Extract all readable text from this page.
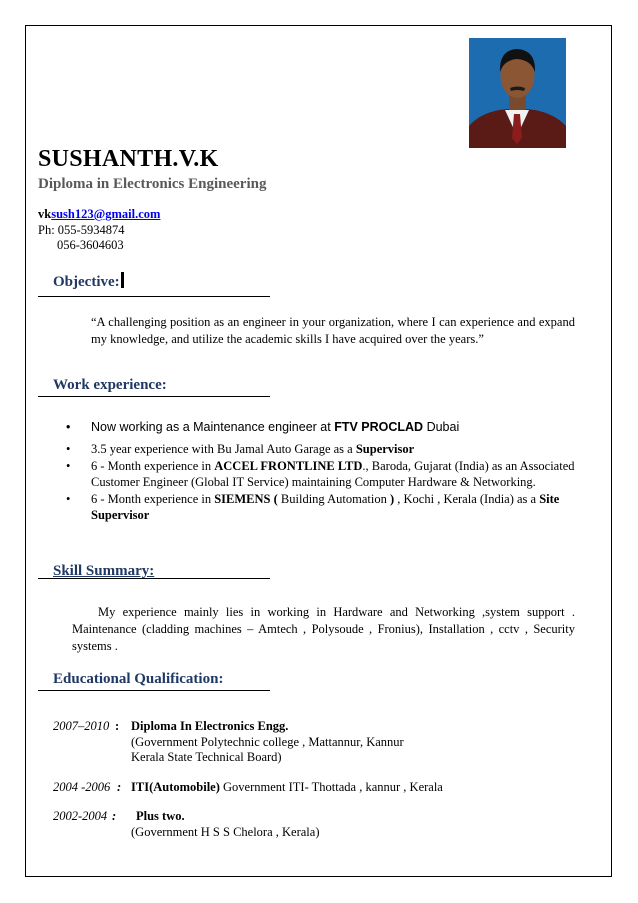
SUSHANTH.V.K
Diploma in Electronics Engineering
vksush123@gmail.com
Ph: 055-5934874
056-3604603
Objective:
“A challenging position as an engineer in your organization, where I can experience and expand my knowledge, and utilize the academic skills I have acquired over the years.”
Work experience:
• Now working as a Maintenance engineer at FTV PROCLAD Dubai
• 3.5 year experience with Bu Jamal Auto Garage as a Supervisor
• 6 - Month experience in ACCEL FRONTLINE LTD., Baroda, Gujarat (India) as an Associated Customer Engineer (Global IT Service) maintaining Computer Hardware & Networking.
• 6 - Month experience in SIEMENS ( Building Automation ) , Kochi , Kerala (India) as a Site Supervisor
Skill Summary:
My experience mainly lies in working in Hardware and Networking ,system support . Maintenance (cladding machines – Amtech , Polysoude , Fronius), Installation , cctv , Security systems .
Educational Qualification:
2007–2010 : Diploma In Electronics Engg.
(Government Polytechnic college , Mattannur, Kannur
Kerala State Technical Board)
2004 -2006 : ITI(Automobile) Government ITI- Thottada , kannur , Kerala
2002-2004 :	Plus two.
(Government H S S Chelora , Kerala)
